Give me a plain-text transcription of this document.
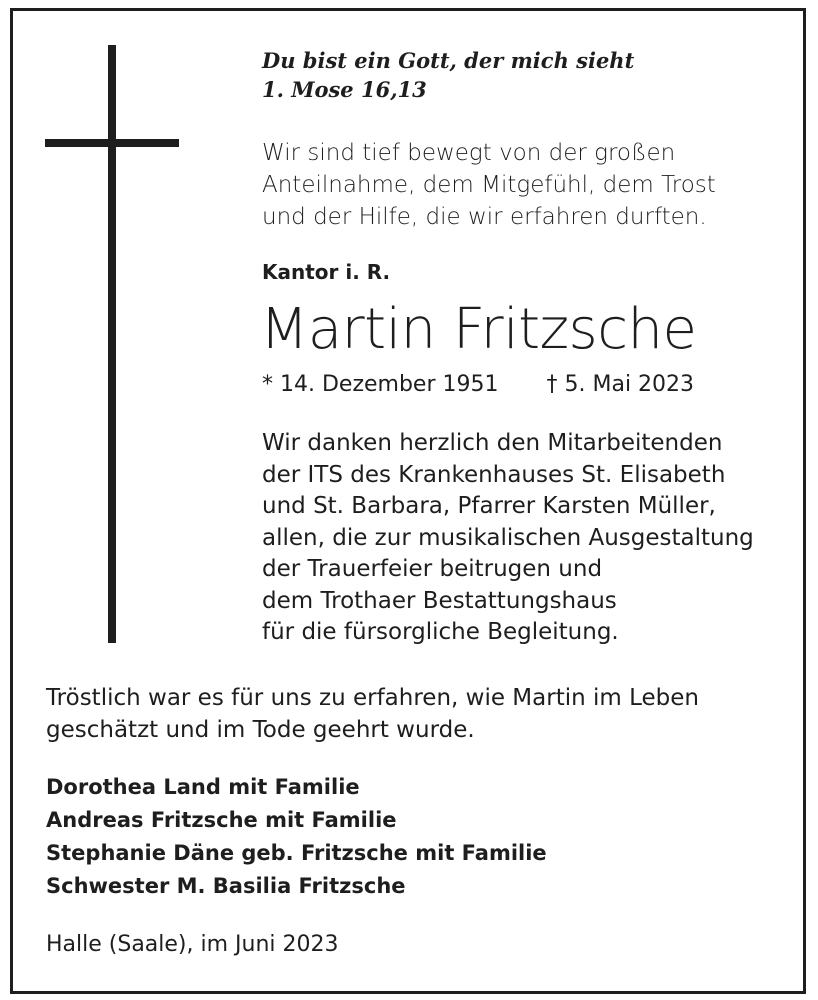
Du bist ein Gott, der mich sieht
1. Mose 16,13
Wir sind tief bewegt von der großen
Anteilnahme, dem Mitgefühl, dem Trost
und der Hilfe, die wir erfahren durften.
Kantor i. R.
Martin Fritzsche
* 14. Dezember 1951 † 5. Mai 2023
Wir danken herzlich den Mitarbeitenden
der ITS des Krankenhauses St. Elisabeth
und St. Barbara, Pfarrer Karsten Müller,
allen, die zur musikalischen Ausgestaltung
der Trauerfeier beitrugen und
dem Trothaer Bestattungshaus
für die fürsorgliche Begleitung.
Tröstlich war es für uns zu erfahren, wie Martin im Leben
geschätzt und im Tode geehrt wurde.
Dorothea Land mit Familie
Andreas Fritzsche mit Familie
Stephanie Däne geb. Fritzsche mit Familie
Schwester M. Basilia Fritzsche
Halle (Saale), im Juni 2023
